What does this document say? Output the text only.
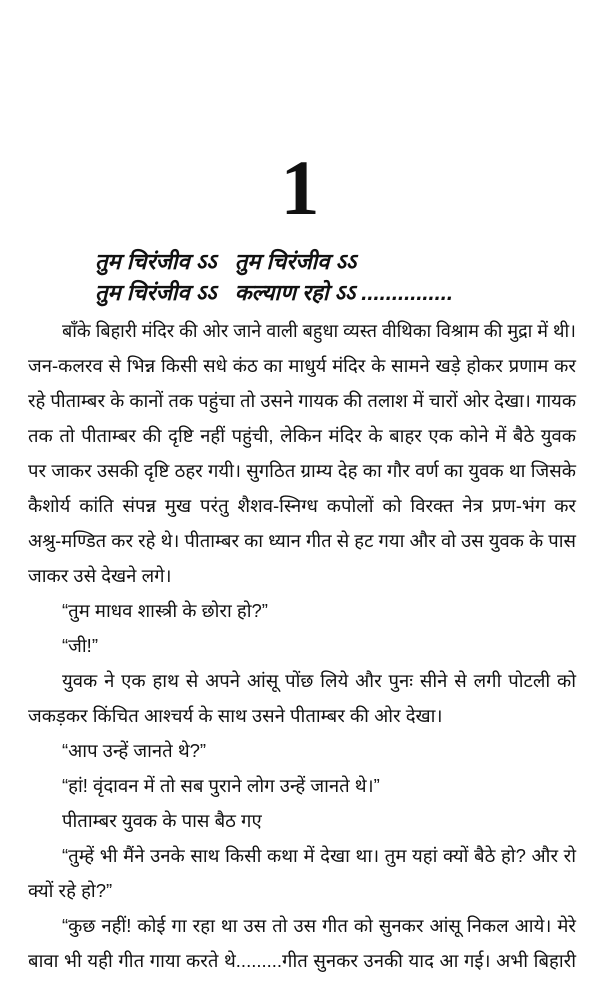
1
तुम चिरंजीव ऽऽ   तुम चिरंजीव ऽऽ
तुम चिरंजीव ऽऽ   कल्याण रहो ऽऽ ...............
बाँके बिहारी मंदिर की ओर जाने वाली बहुधा व्यस्त वीथिका विश्राम की मुद्रा में थी।
जन-कलरव से भिन्न किसी सधे कंठ का माधुर्य मंदिर के सामने खड़े होकर प्रणाम कर
रहे पीताम्बर के कानों तक पहुंचा तो उसने गायक की तलाश में चारों ओर देखा। गायक
तक तो पीताम्बर की दृष्टि नहीं पहुंची, लेकिन मंदिर के बाहर एक कोने में बैठे युवक
पर जाकर उसकी दृष्टि ठहर गयी। सुगठित ग्राम्य देह का गौर वर्ण का युवक था जिसके
कैशोर्य कांति संपन्न मुख परंतु शैशव-स्निग्ध कपोलों को विरक्त नेत्र प्रण-भंग कर
अश्रु-मण्डित कर रहे थे। पीताम्बर का ध्यान गीत से हट गया और वो उस युवक के पास
जाकर उसे देखने लगे।
“तुम माधव शास्त्री के छोरा हो?”
“जी!”
युवक ने एक हाथ से अपने आंसू पोंछ लिये और पुनः सीने से लगी पोटली को
जकड़कर किंचित आश्चर्य के साथ उसने पीताम्बर की ओर देखा।
“आप उन्हें जानते थे?”
“हां! वृंदावन में तो सब पुराने लोग उन्हें जानते थे।”
पीताम्बर युवक के पास बैठ गए
“तुम्हें भी मैंने उनके साथ किसी कथा में देखा था। तुम यहां क्यों बैठे हो? और रो
क्यों रहे हो?”
“कुछ नहीं! कोई गा रहा था उस तो उस गीत को सुनकर आंसू निकल आये। मेरे
बावा भी यही गीत गाया करते थे.........गीत सुनकर उनकी याद आ गई। अभी बिहारी
